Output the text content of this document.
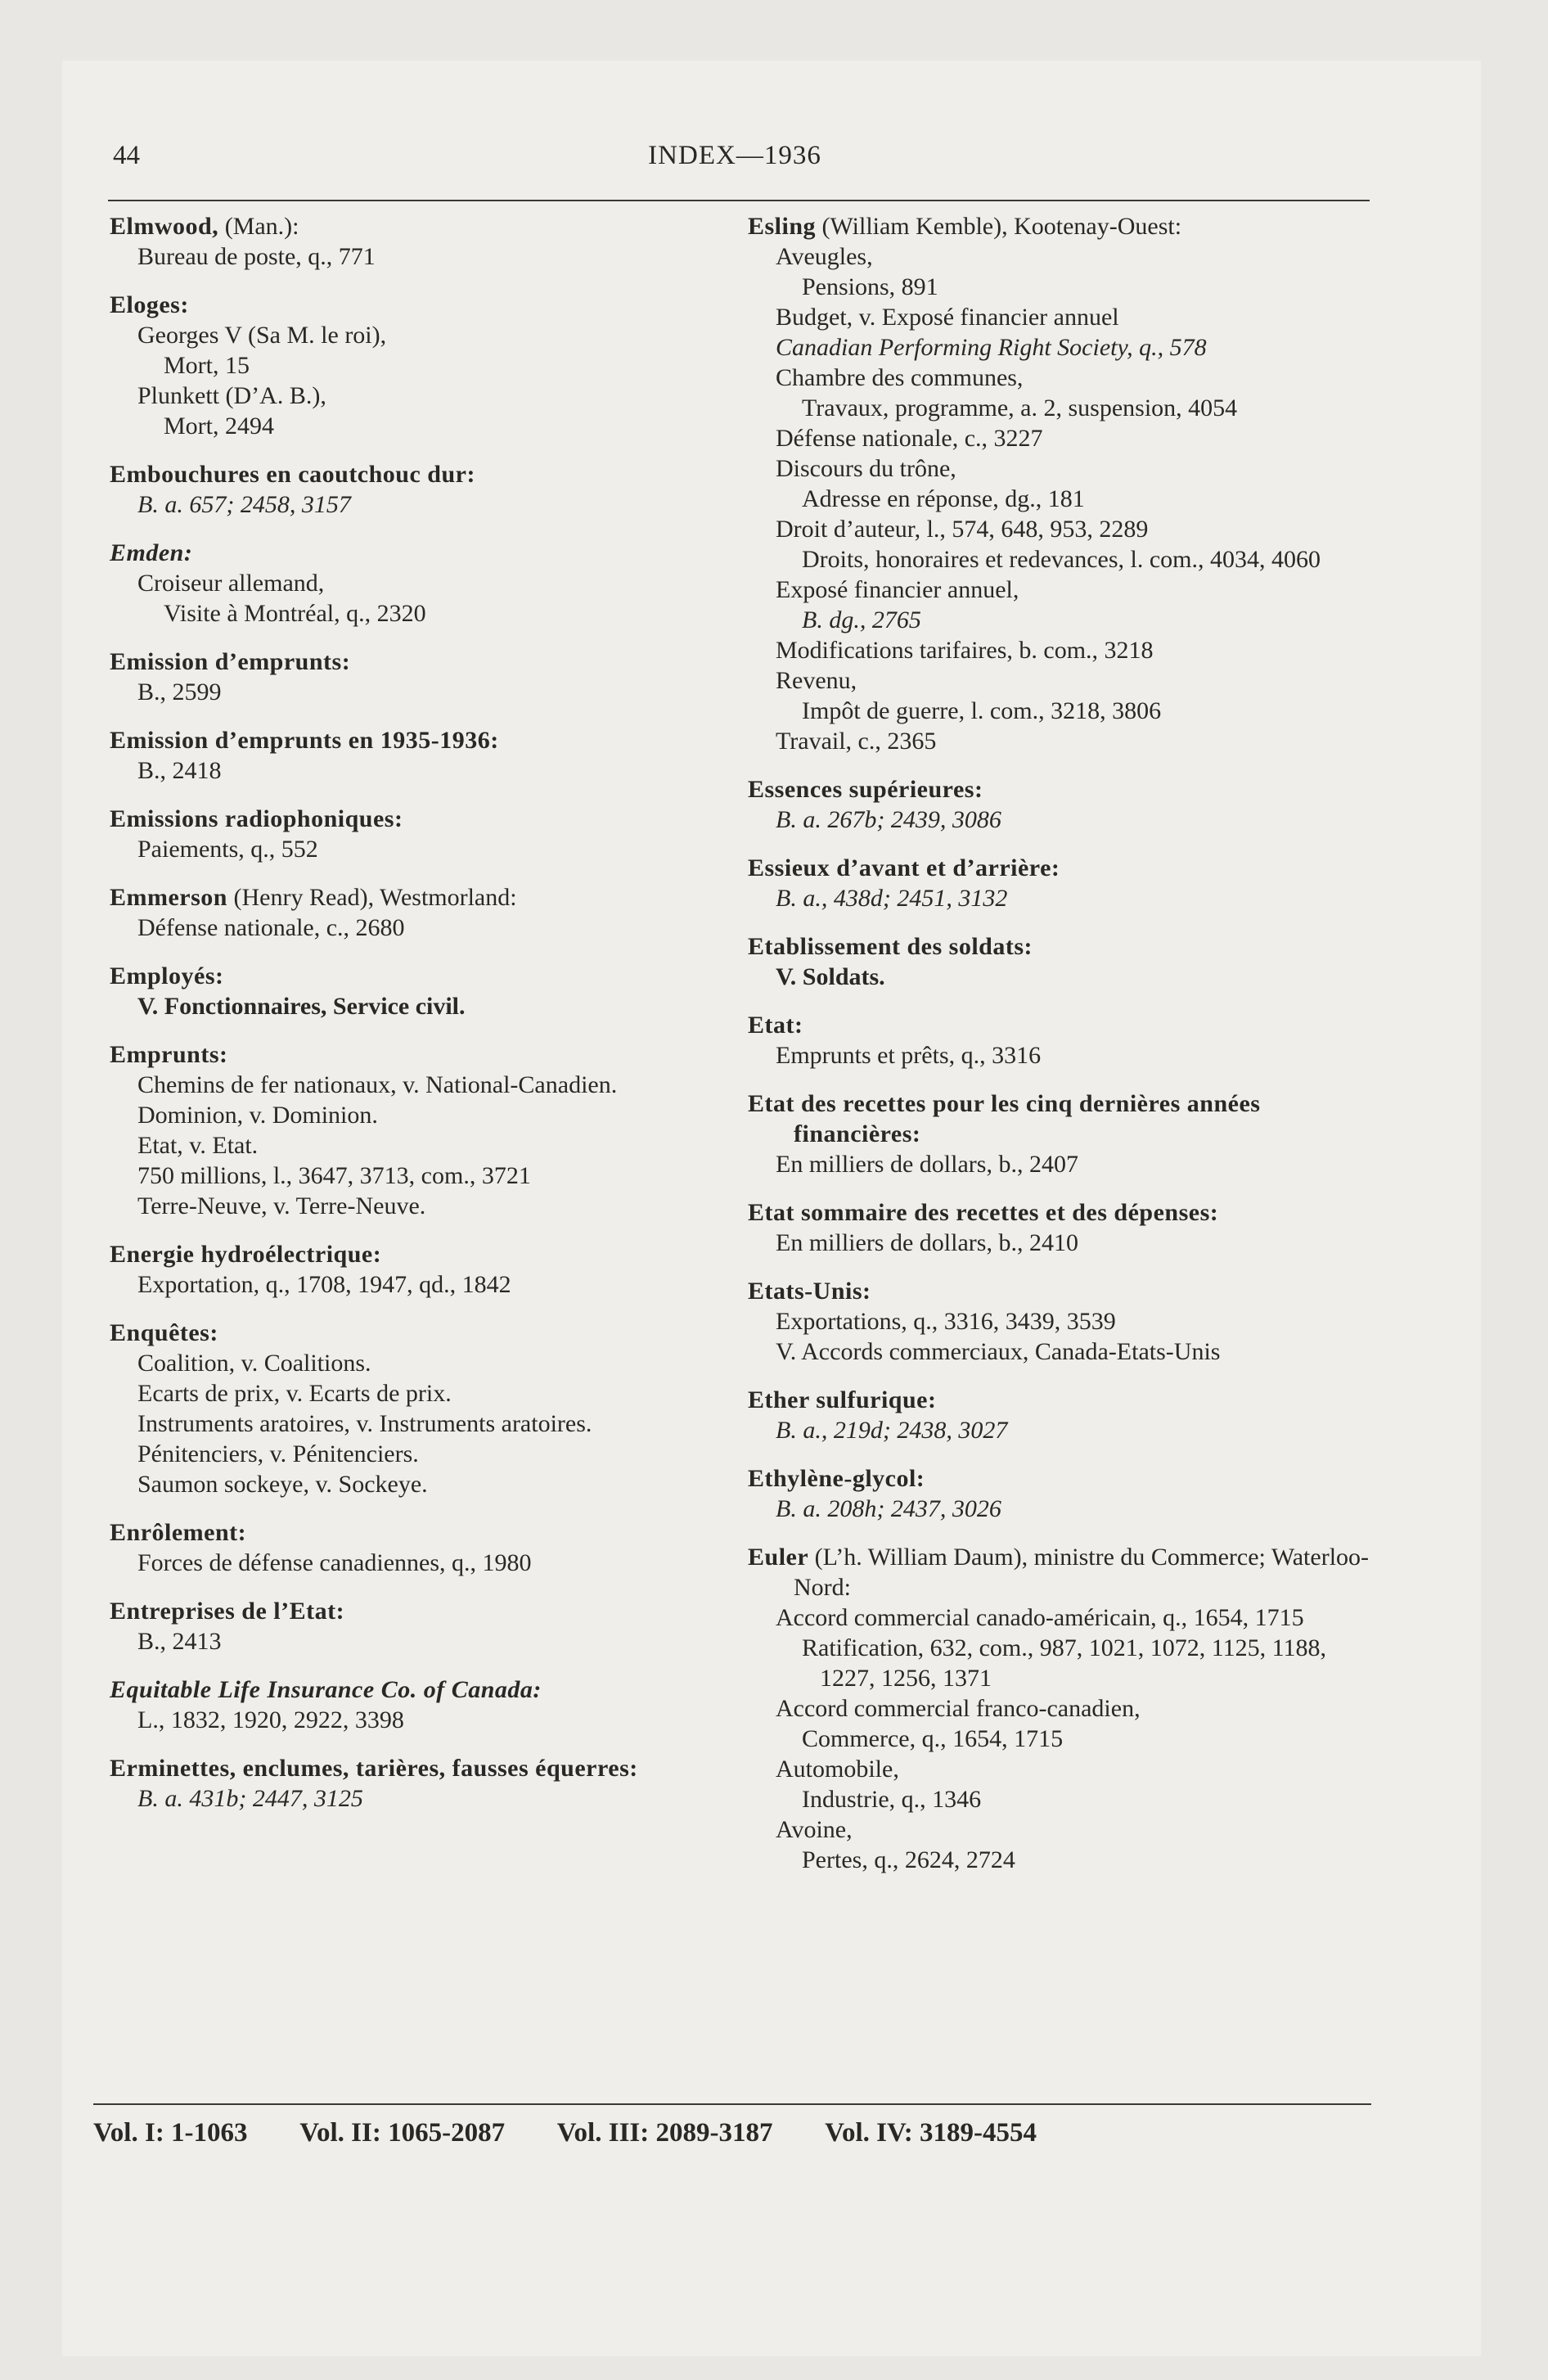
44	INDEX—1936
Elmwood, (Man.):
Bureau de poste, q., 771
Eloges:
Georges V (Sa M. le roi),
Mort, 15
Plunkett (D’A. B.),
Mort, 2494
Embouchures en caoutchouc dur:
B. a. 657; 2458, 3157
Emden:
Croiseur allemand,
Visite à Montréal, q., 2320
Emission d’emprunts:
B., 2599
Emission d’emprunts en 1935-1936:
B., 2418
Emissions radiophoniques:
Paiements, q., 552
Emmerson (Henry Read), Westmorland:
Défense nationale, c., 2680
Employés:
V. Fonctionnaires, Service civil.
Emprunts:
Chemins de fer nationaux, v. National-Canadien.
Dominion, v. Dominion.
Etat, v. Etat.
750 millions, l., 3647, 3713, com., 3721
Terre-Neuve, v. Terre-Neuve.
Energie hydroélectrique:
Exportation, q., 1708, 1947, qd., 1842
Enquêtes:
Coalition, v. Coalitions.
Ecarts de prix, v. Ecarts de prix.
Instruments aratoires, v. Instruments aratoires.
Pénitenciers, v. Pénitenciers.
Saumon sockeye, v. Sockeye.
Enrôlement:
Forces de défense canadiennes, q., 1980
Entreprises de l’Etat:
B., 2413
Equitable Life Insurance Co. of Canada:
L., 1832, 1920, 2922, 3398
Erminettes, enclumes, tarières, fausses équerres:
B. a. 431b; 2447, 3125
Esling (William Kemble), Kootenay-Ouest:
Aveugles,
Pensions, 891
Budget, v. Exposé financier annuel
Canadian Performing Right Society, q., 578
Chambre des communes,
Travaux, programme, a. 2, suspension, 4054
Défense nationale, c., 3227
Discours du trône,
Adresse en réponse, dg., 181
Droit d’auteur, l., 574, 648, 953, 2289
Droits, honoraires et redevances, l. com., 4034, 4060
Exposé financier annuel,
B. dg., 2765
Modifications tarifaires, b. com., 3218
Revenu,
Impôt de guerre, l. com., 3218, 3806
Travail, c., 2365
Essences supérieures:
B. a. 267b; 2439, 3086
Essieux d’avant et d’arrière:
B. a., 438d; 2451, 3132
Etablissement des soldats:
V. Soldats.
Etat:
Emprunts et prêts, q., 3316
Etat des recettes pour les cinq dernières années financières:
En milliers de dollars, b., 2407
Etat sommaire des recettes et des dépenses:
En milliers de dollars, b., 2410
Etats-Unis:
Exportations, q., 3316, 3439, 3539
V. Accords commerciaux, Canada-Etats-Unis
Ether sulfurique:
B. a., 219d; 2438, 3027
Ethylène-glycol:
B. a. 208h; 2437, 3026
Euler (L’h. William Daum), ministre du Commerce; Waterloo-Nord:
Accord commercial canado-américain, q., 1654, 1715
Ratification, 632, com., 987, 1021, 1072, 1125, 1188, 1227, 1256, 1371
Accord commercial franco-canadien,
Commerce, q., 1654, 1715
Automobile,
Industrie, q., 1346
Avoine,
Pertes, q., 2624, 2724
Vol. I: 1-1063 Vol. II: 1065-2087 Vol. III: 2089-3187 Vol. IV: 3189-4554
